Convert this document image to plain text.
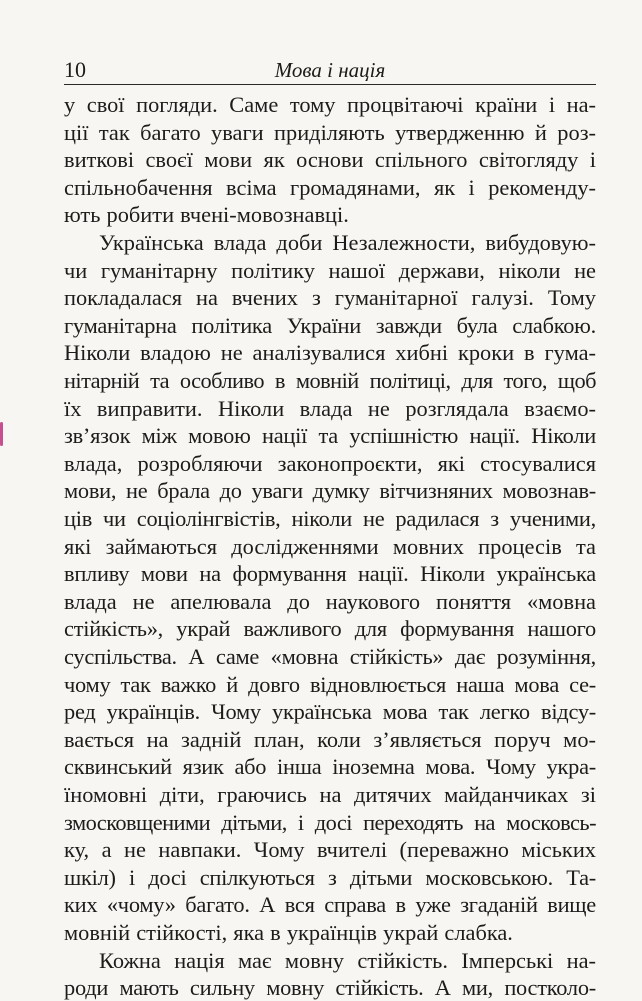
10	Мова і нація
у свої погляди. Саме тому процвітаючі країни і на-
ції так багато уваги приділяють утвердженню й роз-
виткові своєї мови як основи спільного світогляду і
спільнобачення всіма громадянами, як і рекоменду-
ють робити вчені-мовознавці.
Українська влада доби Незалежности, вибудовую-
чи гуманітарну політику нашої держави, ніколи не
покладалася на вчених з гуманітарної галузі. Тому
гуманітарна політика України завжди була слабкою.
Ніколи владою не аналізувалися хибні кроки в гума-
нітарній та особливо в мовній політиці, для того, щоб
їх виправити. Ніколи влада не розглядала взаємо-
зв’язок між мовою нації та успішністю нації. Ніколи
влада, розробляючи законопроєкти, які стосувалися
мови, не брала до уваги думку вітчизняних мовознав-
ців чи соціолінгвістів, ніколи не радилася з ученими,
які займаються дослідженнями мовних процесів та
впливу мови на формування нації. Ніколи українська
влада не апелювала до наукового поняття «мовна
стійкість», украй важливого для формування нашого
суспільства. А саме «мовна стійкість» дає розуміння,
чому так важко й довго відновлюється наша мова се-
ред українців. Чому українська мова так легко відсу-
вається на задній план, коли з’являється поруч мо-
сквинський язик або інша іноземна мова. Чому укра-
їномовні діти, граючись на дитячих майданчиках зі
змосковщеними дітьми, і досі переходять на московсь-
ку, а не навпаки. Чому вчителі (переважно міських
шкіл) і досі спілкуються з дітьми московською. Та-
ких «чому» багато. А вся справа в уже згаданій вище
мовній стійкості, яка в українців украй слабка.
Кожна нація має мовну стійкість. Імперські на-
роди мають сильну мовну стійкість. А ми, постколо-
